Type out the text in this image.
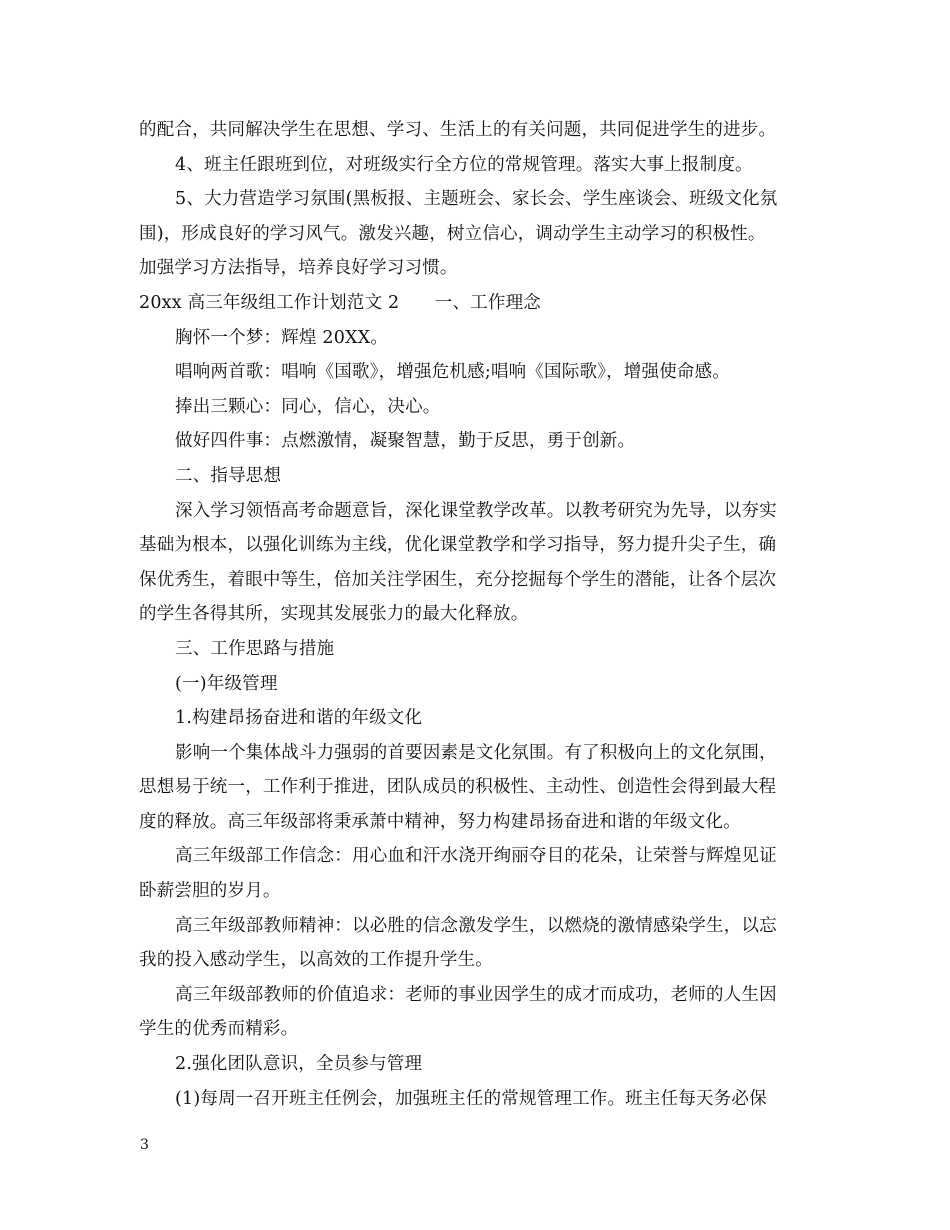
的配合，共同解决学生在思想、学习、生活上的有关问题，共同促进学生的进步。
4、班主任跟班到位，对班级实行全方位的常规管理。落实大事上报制度。
5、大力营造学习氛围(黑板报、主题班会、家长会、学生座谈会、班级文化氛
围)，形成良好的学习风气。激发兴趣，树立信心，调动学生主动学习的积极性。
加强学习方法指导，培养良好学习习惯。
20xx 高三年级组工作计划范文 2　　一、工作理念
胸怀一个梦：辉煌 20XX。
唱响两首歌：唱响《国歌》，增强危机感;唱响《国际歌》，增强使命感。
捧出三颗心：同心，信心，决心。
做好四件事：点燃激情，凝聚智慧，勤于反思，勇于创新。
二、指导思想
深入学习领悟高考命题意旨，深化课堂教学改革。以教考研究为先导，以夯实
基础为根本，以强化训练为主线，优化课堂教学和学习指导，努力提升尖子生，确
保优秀生，着眼中等生，倍加关注学困生，充分挖掘每个学生的潜能，让各个层次
的学生各得其所，实现其发展张力的最大化释放。
三、工作思路与措施
(一)年级管理
1.构建昂扬奋进和谐的年级文化
影响一个集体战斗力强弱的首要因素是文化氛围。有了积极向上的文化氛围，
思想易于统一，工作利于推进，团队成员的积极性、主动性、创造性会得到最大程
度的释放。高三年级部将秉承萧中精神，努力构建昂扬奋进和谐的年级文化。
高三年级部工作信念：用心血和汗水浇开绚丽夺目的花朵，让荣誉与辉煌见证
卧薪尝胆的岁月。
高三年级部教师精神：以必胜的信念激发学生，以燃烧的激情感染学生，以忘
我的投入感动学生，以高效的工作提升学生。
高三年级部教师的价值追求：老师的事业因学生的成才而成功，老师的人生因
学生的优秀而精彩。
2.强化团队意识，全员参与管理
(1)每周一召开班主任例会，加强班主任的常规管理工作。班主任每天务必保
3
